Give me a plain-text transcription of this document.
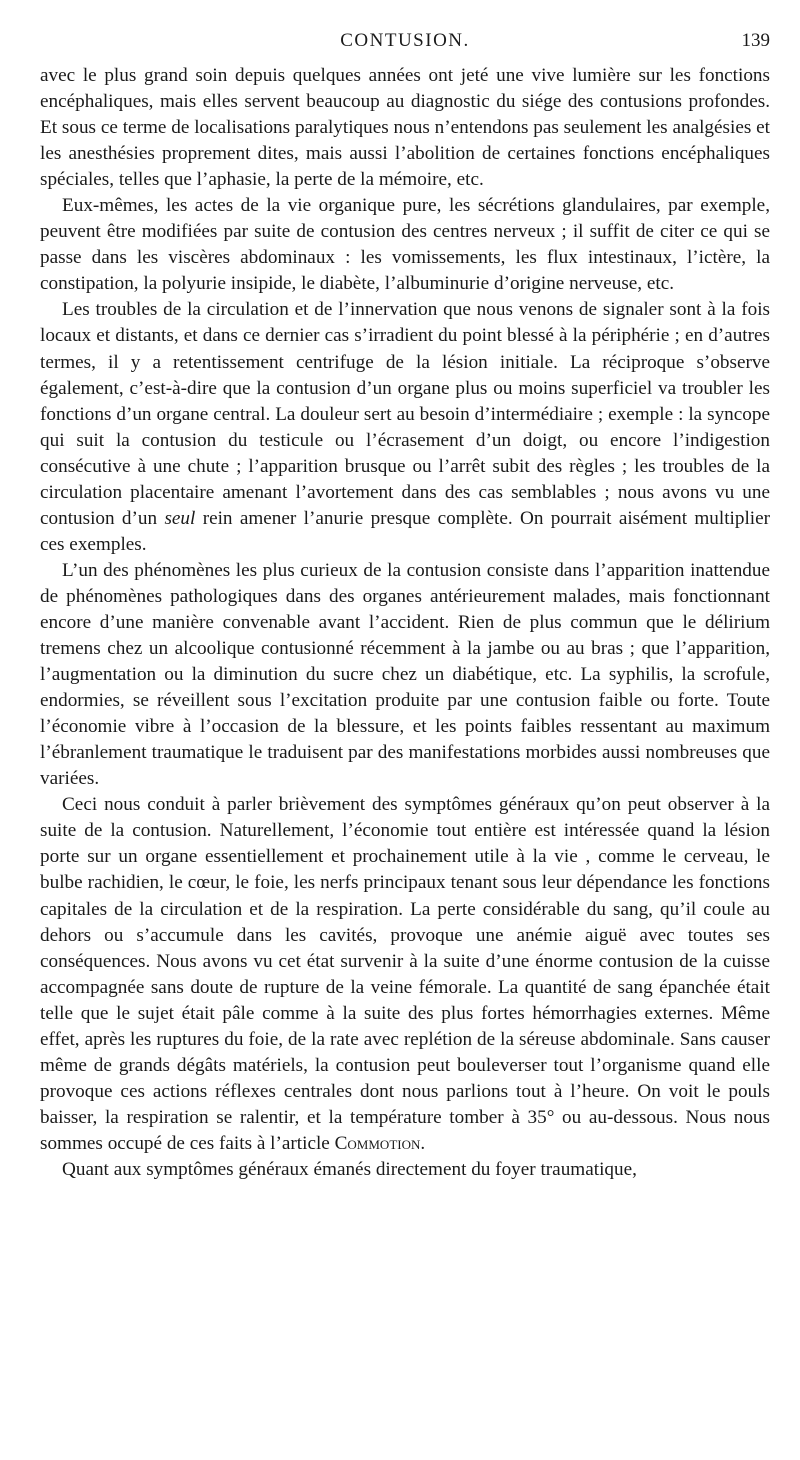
CONTUSION.	139

avec le plus grand soin depuis quelques années ont jeté une vive lumière sur les fonctions encéphaliques, mais elles servent beaucoup au diagnostic du siége des contusions profondes. Et sous ce terme de localisations paralytiques nous n’entendons pas seulement les analgésies et les anesthésies proprement dites, mais aussi l’abolition de certaines fonctions encéphaliques spéciales, telles que l’aphasie, la perte de la mémoire, etc.

Eux-mêmes, les actes de la vie organique pure, les sécrétions glandulaires, par exemple, peuvent être modifiées par suite de contusion des centres nerveux ; il suffit de citer ce qui se passe dans les viscères abdominaux : les vomissements, les flux intestinaux, l’ictère, la constipation, la polyurie insipide, le diabète, l’albuminurie d’origine nerveuse, etc.

Les troubles de la circulation et de l’innervation que nous venons de signaler sont à la fois locaux et distants, et dans ce dernier cas s’irradient du point blessé à la périphérie ; en d’autres termes, il y a retentissement centrifuge de la lésion initiale. La réciproque s’observe également, c’est-à-dire que la contusion d’un organe plus ou moins superficiel va troubler les fonctions d’un organe central. La douleur sert au besoin d’intermédiaire ; exemple : la syncope qui suit la contusion du testicule ou l’écrasement d’un doigt, ou encore l’indigestion consécutive à une chute ; l’apparition brusque ou l’arrêt subit des règles ; les troubles de la circulation placentaire amenant l’avortement dans des cas semblables ; nous avons vu une contusion d’un seul rein amener l’anurie presque complète. On pourrait aisément multiplier ces exemples.

L’un des phénomènes les plus curieux de la contusion consiste dans l’apparition inattendue de phénomènes pathologiques dans des organes antérieurement malades, mais fonctionnant encore d’une manière convenable avant l’accident. Rien de plus commun que le délirium tremens chez un alcoolique contusionné récemment à la jambe ou au bras ; que l’apparition, l’augmentation ou la diminution du sucre chez un diabétique, etc. La syphilis, la scrofule, endormies, se réveillent sous l’excitation produite par une contusion faible ou forte. Toute l’économie vibre à l’occasion de la blessure, et les points faibles ressentant au maximum l’ébranlement traumatique le traduisent par des manifestations morbides aussi nombreuses que variées.

Ceci nous conduit à parler brièvement des symptômes généraux qu’on peut observer à la suite de la contusion. Naturellement, l’économie tout entière est intéressée quand la lésion porte sur un organe essentiellement et prochainement utile à la vie , comme le cerveau, le bulbe rachidien, le cœur, le foie, les nerfs principaux tenant sous leur dépendance les fonctions capitales de la circulation et de la respiration. La perte considérable du sang, qu’il coule au dehors ou s’accumule dans les cavités, provoque une anémie aiguë avec toutes ses conséquences. Nous avons vu cet état survenir à la suite d’une énorme contusion de la cuisse accompagnée sans doute de rupture de la veine fémorale. La quantité de sang épanchée était telle que le sujet était pâle comme à la suite des plus fortes hémorrhagies externes. Même effet, après les ruptures du foie, de la rate avec replétion de la séreuse abdominale. Sans causer même de grands dégâts matériels, la contusion peut bouleverser tout l’organisme quand elle provoque ces actions réflexes centrales dont nous parlions tout à l’heure. On voit le pouls baisser, la respiration se ralentir, et la température tomber à 35° ou au-dessous. Nous nous sommes occupé de ces faits à l’article Commotion.

Quant aux symptômes généraux émanés directement du foyer traumatique,
